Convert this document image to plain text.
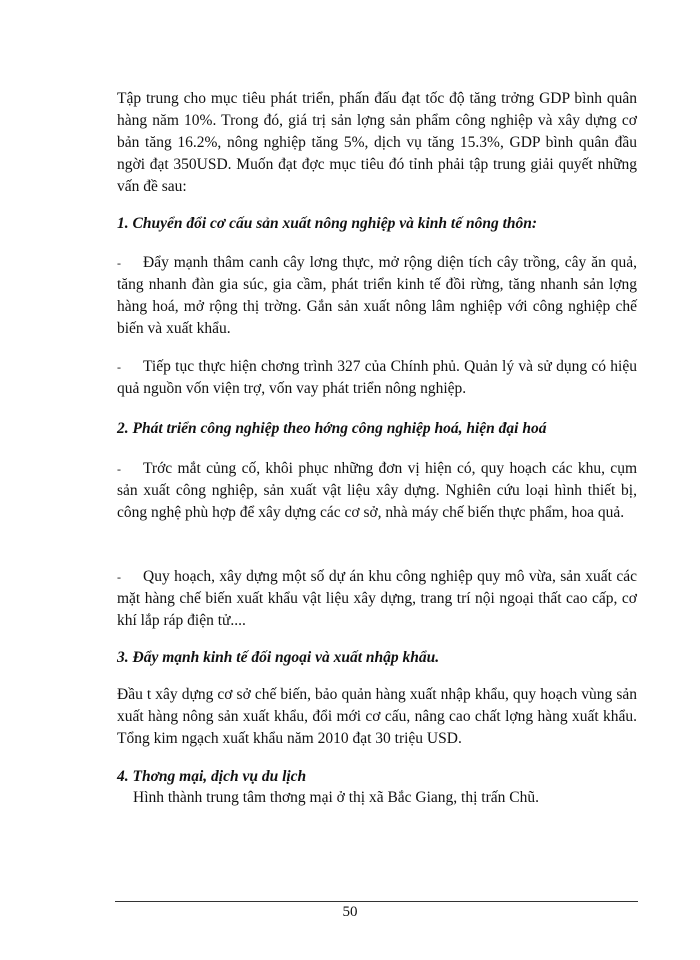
Tập trung cho mục tiêu phát triển, phấn đấu đạt tốc độ tăng trởng GDP bình quân hàng năm 10%. Trong đó, giá trị sản lợng sản phẩm công nghiệp và xây dựng cơ bản tăng 16.2%, nông nghiệp tăng 5%, dịch vụ tăng 15.3%, GDP bình quân đầu ngời đạt 350USD. Muốn đạt đợc mục tiêu đó tỉnh phải tập trung giải quyết những vấn đề sau:

1. Chuyển đổi cơ cấu sản xuất nông nghiệp và kinh tế nông thôn:

- Đẩy mạnh thâm canh cây lơng thực, mở rộng diện tích cây trồng, cây ăn quả, tăng nhanh đàn gia súc, gia cầm, phát triển kinh tế đồi rừng, tăng nhanh sản lợng hàng hoá, mở rộng thị trờng. Gắn sản xuất nông lâm nghiệp với công nghiệp chế biến và xuất khẩu.

- Tiếp tục thực hiện chơng trình 327 của Chính phủ. Quản lý và sử dụng có hiệu quả nguồn vốn viện trợ, vốn vay phát triển nông nghiệp.

2. Phát triển công nghiệp theo hớng công nghiệp hoá, hiện đại hoá

- Trớc mắt củng cố, khôi phục những đơn vị hiện có, quy hoạch các khu, cụm sản xuất công nghiệp, sản xuất vật liệu xây dựng. Nghiên cứu loại hình thiết bị, công nghệ phù hợp để xây dựng các cơ sở, nhà máy chế biến thực phẩm, hoa quả.

- Quy hoạch, xây dựng một số dự án khu công nghiệp quy mô vừa, sản xuất các mặt hàng chế biến xuất khẩu vật liệu xây dựng, trang trí nội ngoại thất cao cấp, cơ khí lắp ráp điện tử....

3. Đẩy mạnh kinh tế đối ngoại và xuất nhập khẩu.

Đầu t xây dựng cơ sở chế biến, bảo quản hàng xuất nhập khẩu, quy hoạch vùng sản xuất hàng nông sản xuất khẩu, đổi mới cơ cấu, nâng cao chất lợng hàng xuất khẩu. Tổng kim ngạch xuất khẩu năm 2010 đạt 30 triệu USD.

4. Thơng mại, dịch vụ du lịch

Hình thành trung tâm thơng mại ở thị xã Bắc Giang, thị trấn Chũ.

50
